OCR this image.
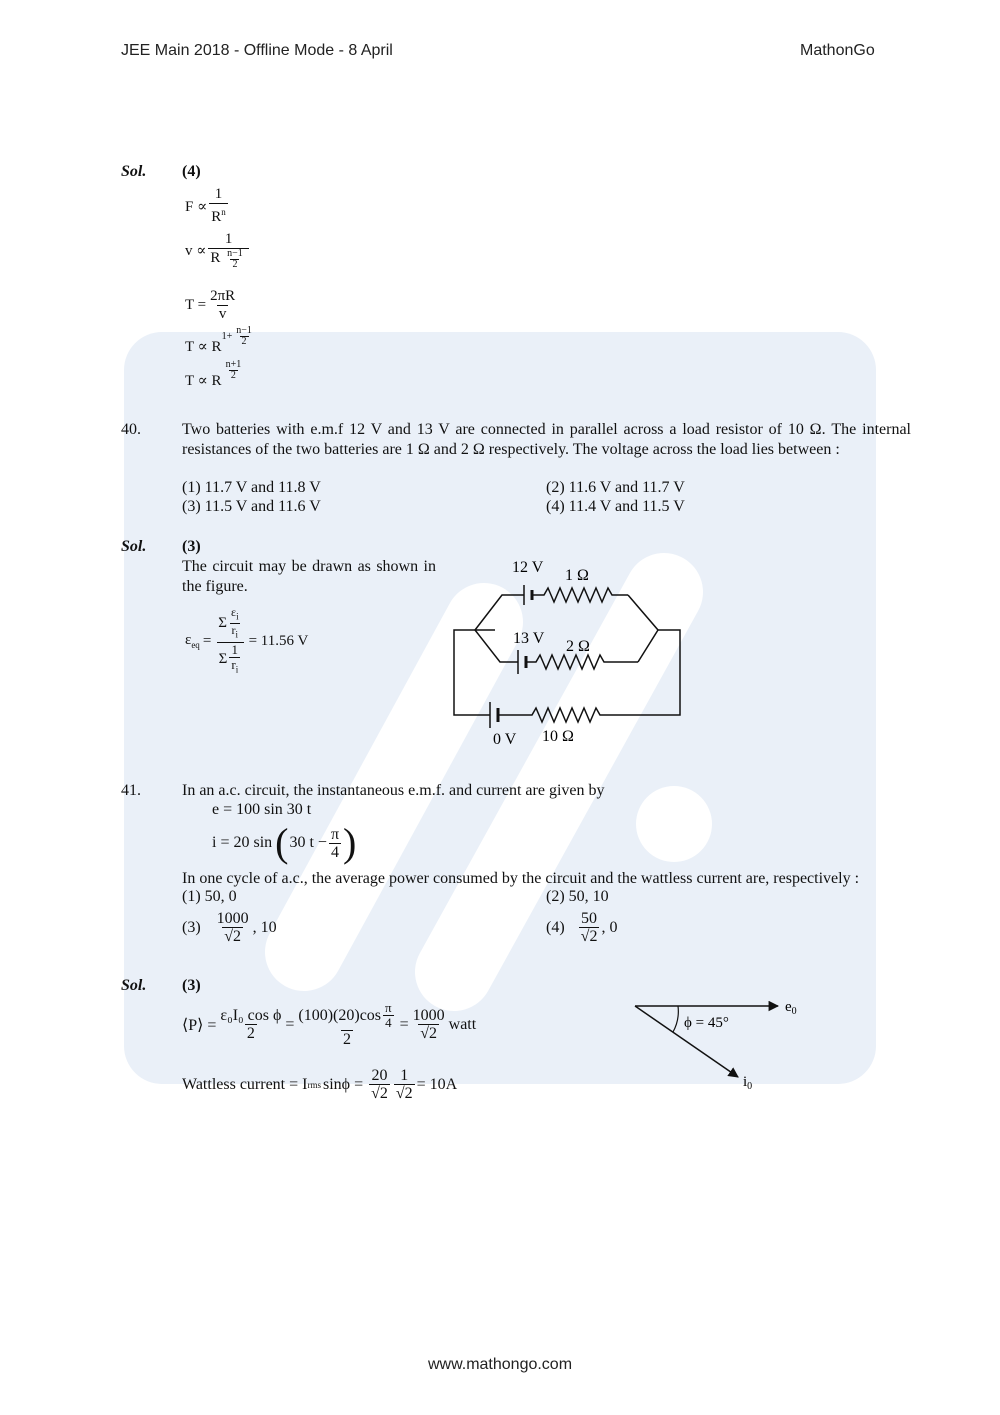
JEE Main 2018 - Offline Mode - 8 April	MathonGo
Sol. (4)
$F \propto \frac{1}{R^n}$
$v \propto \frac{1}{R \frac{n-1}{2}}$
$T = \frac{2\pi R}{v}$
T ∝ R
$1+ \frac{n-1}{2}$
T ∝ R $\frac{n+1}{2}$
40.	Two batteries with e.m.f 12 V and 13 V are connected in parallel across a load resistor of 10 Ω. The internal resistances of the two batteries are 1 Ω and 2 Ω respectively. The voltage across the load lies between :
(1) 11.7 V and 11.8 V	(2) 11.6 V and 11.7 V
(3) 11.5 V and 11.6 V	(4) 11.4 V and 11.5 V
Sol. (3)
The circuit may be drawn as shown in the figure.
$\varepsilon_{eq} = \frac{\Sigma \frac{\varepsilon_i}{r_i}}{\Sigma \frac{1}{r_i}} = 11.56$ V
12 V 1 Ω
13 V 2 Ω
0 V 10 Ω
41.	In an a.c. circuit, the instantaneous e.m.f. and current are given by
e = 100 sin 30 t
i = 20 sin ( 30 $t - \frac{\pi}{4}$ )
In one cycle of a.c., the average power consumed by the circuit and the wattless current are, respectively :
(1) 50, 0	(2) 50, 10
$(3) \frac{1000}{√2}$ , 10	$(4) \frac{50}{√2}$ , 0
Sol. (3)
⟨P⟩ = $\frac{\text{ε₀I₀ cos ϕ}}{2} = \frac{(100)(20)\cos \frac{\pi}{4}}{2} = \frac{1000}{√2}$ watt
Wattless current = I rms $\sin\phi = \frac{20}{√2} \frac{1}{√2} = 10A$
ϕ = 45°
$e_0$
$i_0$
www.mathongo.com
